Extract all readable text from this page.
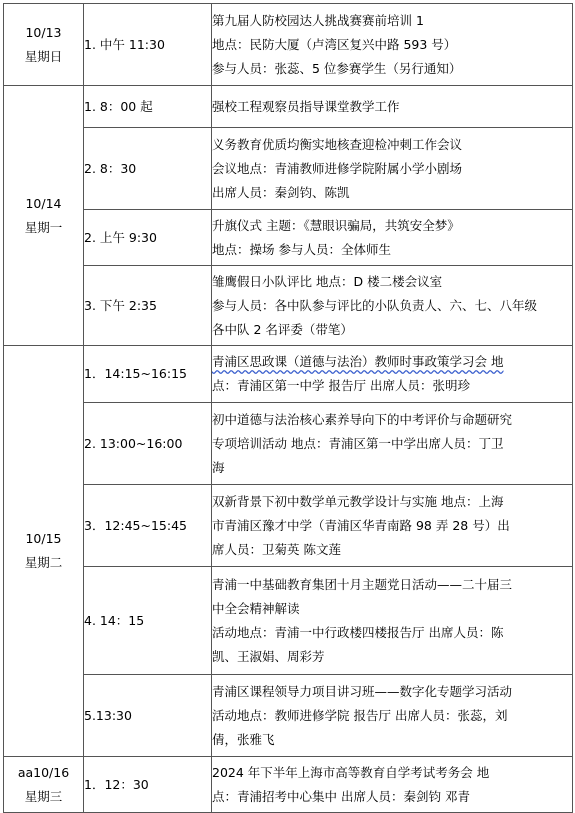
10/13
星期日	1. 中午 11:30	第九届人防校园达人挑战赛赛前培训 1
地点：民防大厦（卢湾区复兴中路 593 号）
参与人员：张蕊、5 位参赛学生（另行通知）

10/14
星期一	1. 8：00 起	强校工程观察员指导课堂教学工作

	2. 8：30	义务教育优质均衡实地核查迎检冲刺工作会议
会议地点：青浦教师进修学院附属小学小剧场
出席人员：秦剑钧、陈凯

	2. 上午 9:30	升旗仪式 主题：《慧眼识骗局，共筑安全梦》
地点：操场 参与人员：全体师生

	3. 下午 2:35	雏鹰假日小队评比 地点：D 楼二楼会议室
参与人员：各中队参与评比的小队负责人、六、七、八年级
各中队 2 名评委（带笔）

10/15
星期二	1．14:15~16:15	青浦区思政课（道德与法治）教师时事政策学习会 地
点：青浦区第一中学 报告厅 出席人员：张明珍

	2. 13:00~16:00	初中道德与法治核心素养导向下的中考评价与命题研究
专项培训活动 地点：青浦区第一中学出席人员：丁卫
海

	3．12:45~15:45	双新背景下初中数学单元教学设计与实施 地点：上海
市青浦区豫才中学（青浦区华青南路 98 弄 28 号）出
席人员：卫菊英 陈文莲

	4. 14：15	青浦一中基础教育集团十月主题党日活动——二十届三
中全会精神解读
活动地点：青浦一中行政楼四楼报告厅 出席人员：陈
凯、王淑娟、周彩芳

	5.13:30	青浦区课程领导力项目讲习班——数字化专题学习活动
活动地点：教师进修学院 报告厅 出席人员：张蕊，刘
倩，张雅飞

aa10/16
星期三	1．12：30	2024 年下半年上海市高等教育自学考试考务会 地
点：青浦招考中心集中 出席人员：秦剑钧 邓青
